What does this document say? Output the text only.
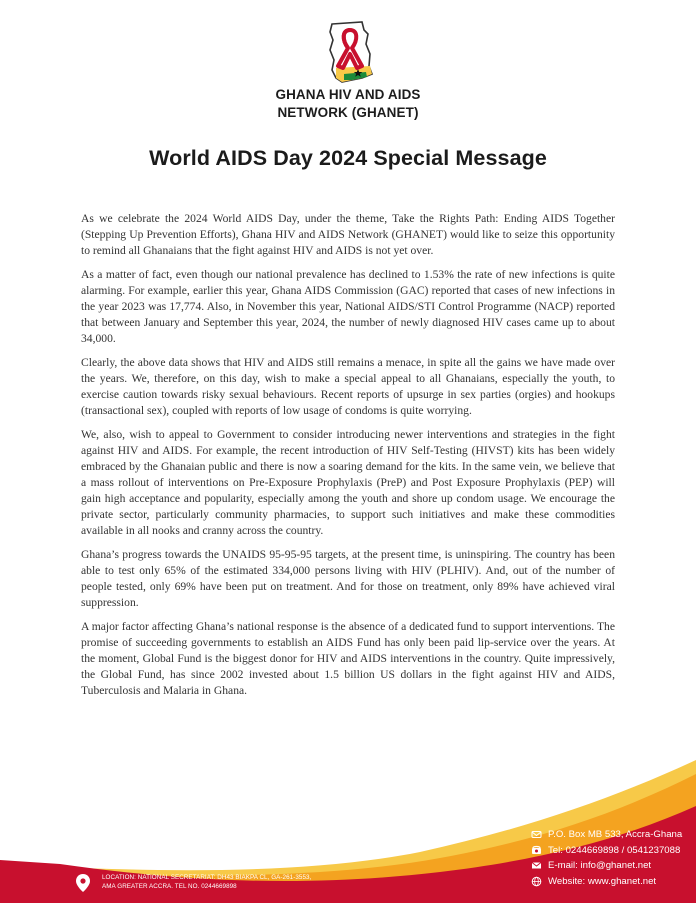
GHANA HIV AND AIDS
NETWORK (GHANET)
World AIDS Day 2024 Special Message

As we celebrate the 2024 World AIDS Day, under the theme, Take the Rights Path: Ending AIDS Together (Stepping Up Prevention Efforts), Ghana HIV and AIDS Network (GHANET) would like to seize this opportunity to remind all Ghanaians that the fight against HIV and AIDS is not yet over.

As a matter of fact, even though our national prevalence has declined to 1.53% the rate of new infections is quite alarming. For example, earlier this year, Ghana AIDS Commission (GAC) reported that cases of new infections in the year 2023 was 17,774. Also, in November this year, National AIDS/STI Control Programme (NACP) reported that between January and September this year, 2024, the number of newly diagnosed HIV cases came up to about 34,000.

Clearly, the above data shows that HIV and AIDS still remains a menace, in spite all the gains we have made over the years. We, therefore, on this day, wish to make a special appeal to all Ghanaians, especially the youth, to exercise caution towards risky sexual behaviours. Recent reports of upsurge in sex parties (orgies) and hookups (transactional sex), coupled with reports of low usage of condoms is quite worrying.

We, also, wish to appeal to Government to consider introducing newer interventions and strategies in the fight against HIV and AIDS. For example, the recent introduction of HIV Self-Testing (HIVST) kits has been widely embraced by the Ghanaian public and there is now a soaring demand for the kits. In the same vein, we believe that a mass rollout of interventions on Pre-Exposure Prophylaxis (PreP) and Post Exposure Prophylaxis (PEP) will gain high acceptance and popularity, especially among the youth and shore up condom usage. We encourage the private sector, particularly community pharmacies, to support such initiatives and make these commodities available in all nooks and cranny across the country.

Ghana’s progress towards the UNAIDS 95-95-95 targets, at the present time, is uninspiring. The country has been able to test only 65% of the estimated 334,000 persons living with HIV (PLHIV). And, out of the number of people tested, only 69% have been put on treatment. And for those on treatment, only 89% have achieved viral suppression.

A major factor affecting Ghana’s national response is the absence of a dedicated fund to support interventions. The promise of succeeding governments to establish an AIDS Fund has only been paid lip-service over the years. At the moment, Global Fund is the biggest donor for HIV and AIDS interventions in the country. Quite impressively, the Global Fund, has since 2002 invested about 1.5 billion US dollars in the fight against HIV and AIDS, Tuberculosis and Malaria in Ghana.

LOCATION: NATIONAL SECRETARIAT: DH43 BIAKPA CL, GA-261-3553,
AMA GREATER ACCRA. TEL NO. 0244669898
P.O. Box MB 533, Accra-Ghana
Tel: 0244669898 / 0541237088
E-mail: info@ghanet.net
Website: www.ghanet.net
